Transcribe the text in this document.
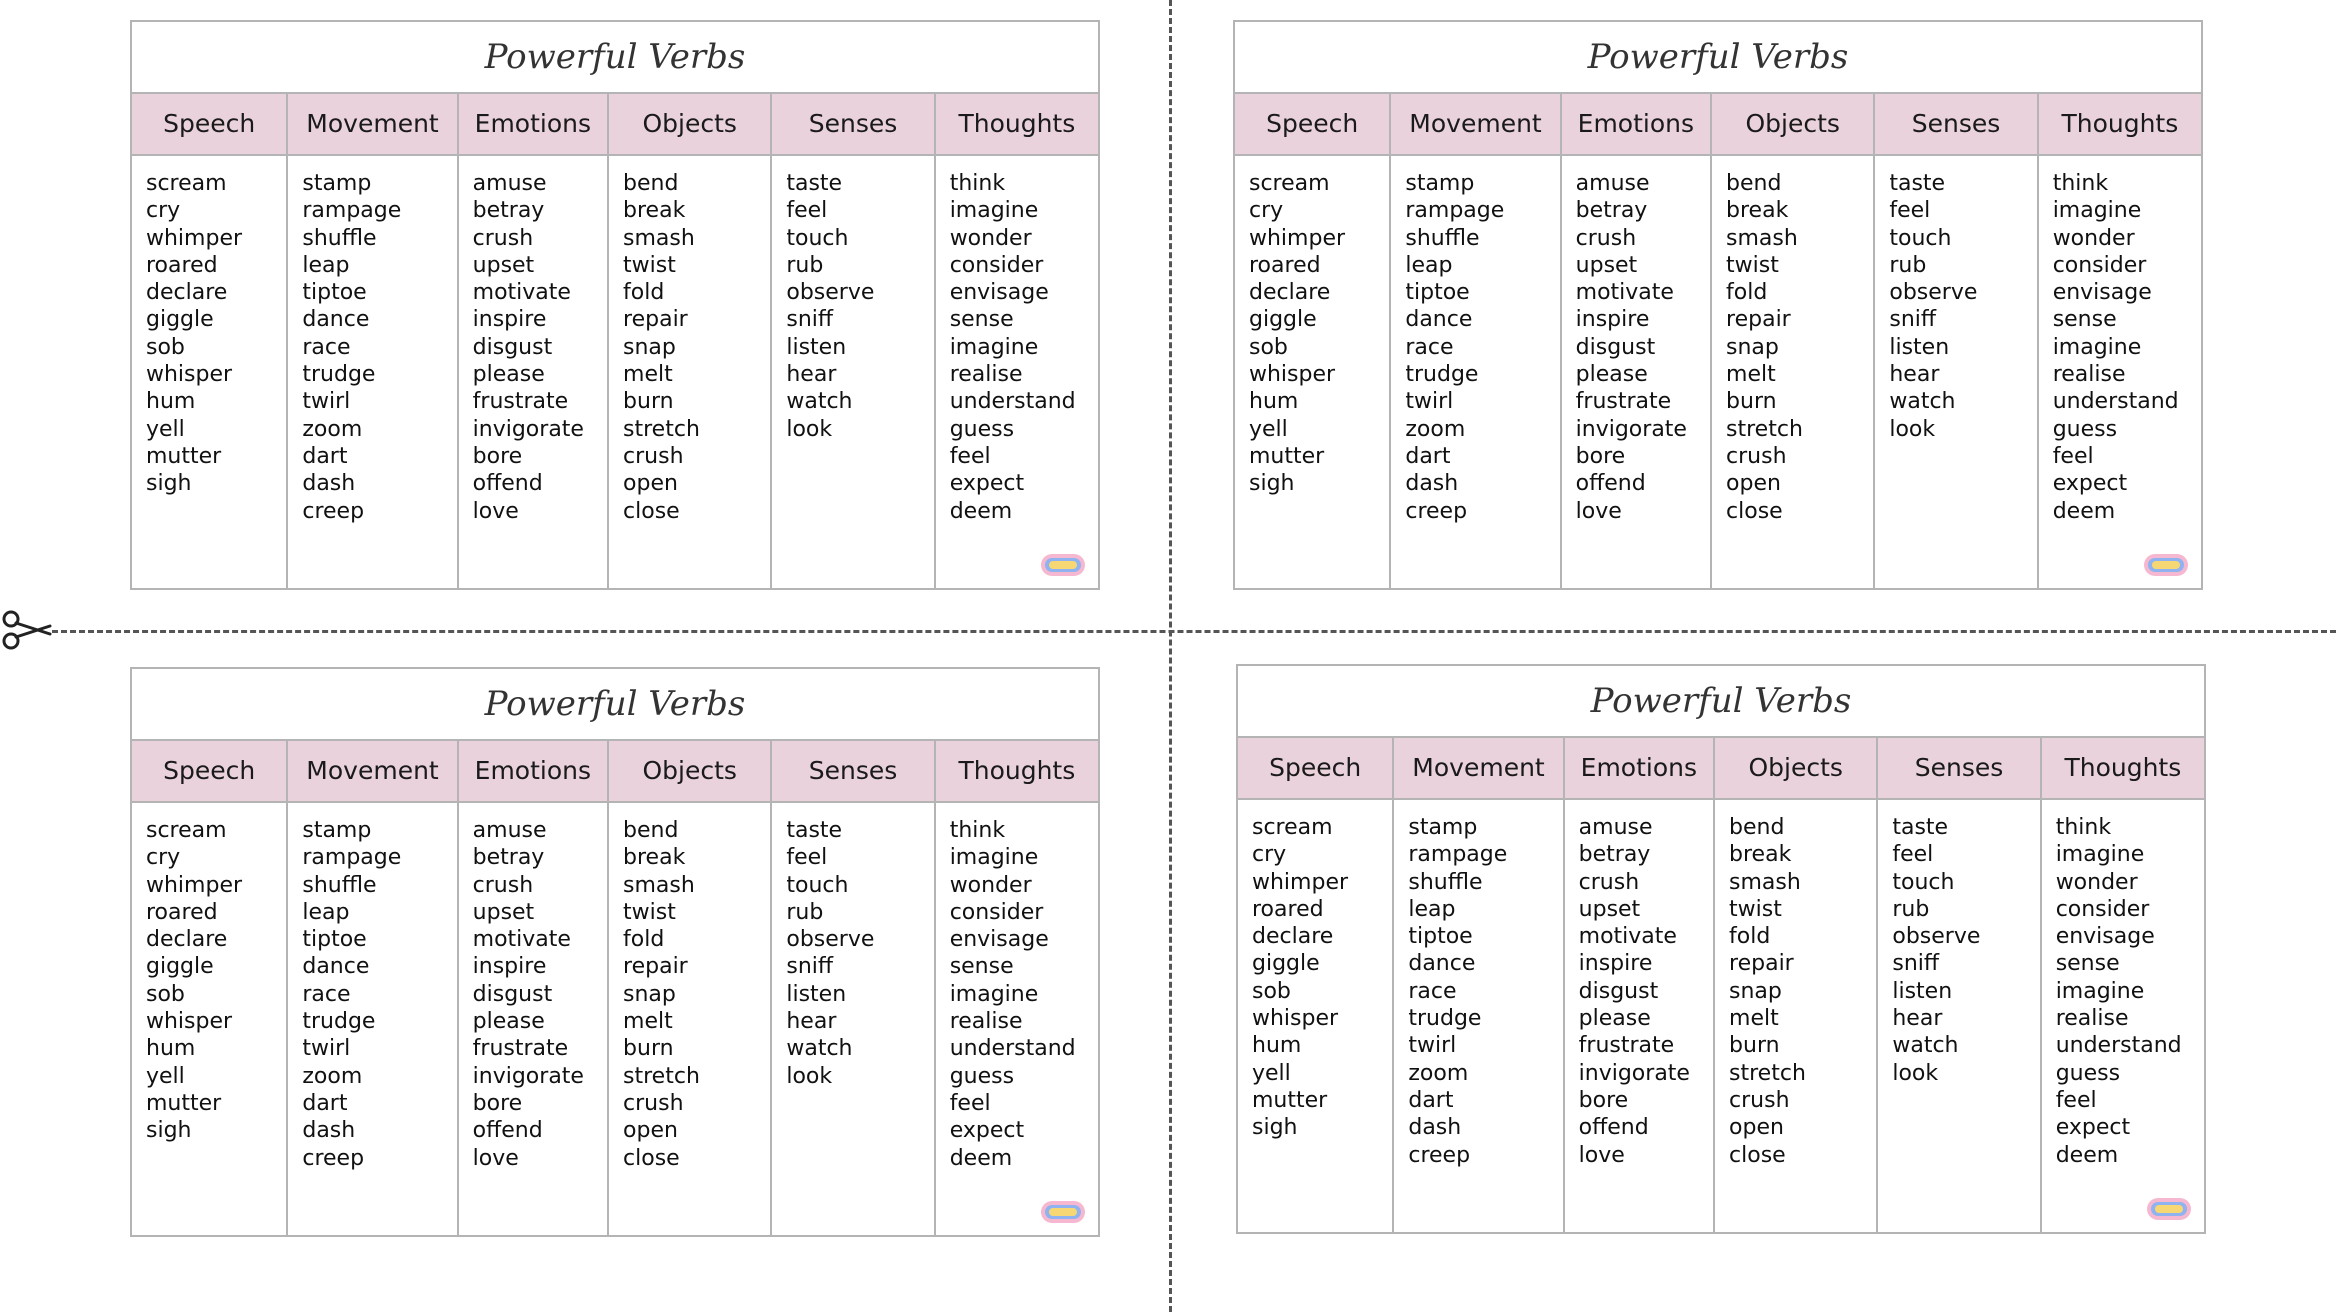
Powerful Verbs
Speech
scream
cry
whimper
roared
declare
giggle
sob
whisper
hum
yell
mutter
sigh
Movement
stamp
rampage
shuffle
leap
tiptoe
dance
race
trudge
twirl
zoom
dart
dash
creep
Emotions
amuse
betray
crush
upset
motivate
inspire
disgust
please
frustrate
invigorate
bore
offend
love
Objects
bend
break
smash
twist
fold
repair
snap
melt
burn
stretch
crush
open
close
Senses
taste
feel
touch
rub
observe
sniff
listen
hear
watch
look
Thoughts
think
imagine
wonder
consider
envisage
sense
imagine
realise
understand
guess
feel
expect
deem
Powerful Verbs
Speech
scream
cry
whimper
roared
declare
giggle
sob
whisper
hum
yell
mutter
sigh
Movement
stamp
rampage
shuffle
leap
tiptoe
dance
race
trudge
twirl
zoom
dart
dash
creep
Emotions
amuse
betray
crush
upset
motivate
inspire
disgust
please
frustrate
invigorate
bore
offend
love
Objects
bend
break
smash
twist
fold
repair
snap
melt
burn
stretch
crush
open
close
Senses
taste
feel
touch
rub
observe
sniff
listen
hear
watch
look
Thoughts
think
imagine
wonder
consider
envisage
sense
imagine
realise
understand
guess
feel
expect
deem
Powerful Verbs
Speech
scream
cry
whimper
roared
declare
giggle
sob
whisper
hum
yell
mutter
sigh
Movement
stamp
rampage
shuffle
leap
tiptoe
dance
race
trudge
twirl
zoom
dart
dash
creep
Emotions
amuse
betray
crush
upset
motivate
inspire
disgust
please
frustrate
invigorate
bore
offend
love
Objects
bend
break
smash
twist
fold
repair
snap
melt
burn
stretch
crush
open
close
Senses
taste
feel
touch
rub
observe
sniff
listen
hear
watch
look
Thoughts
think
imagine
wonder
consider
envisage
sense
imagine
realise
understand
guess
feel
expect
deem
Powerful Verbs
Speech
scream
cry
whimper
roared
declare
giggle
sob
whisper
hum
yell
mutter
sigh
Movement
stamp
rampage
shuffle
leap
tiptoe
dance
race
trudge
twirl
zoom
dart
dash
creep
Emotions
amuse
betray
crush
upset
motivate
inspire
disgust
please
frustrate
invigorate
bore
offend
love
Objects
bend
break
smash
twist
fold
repair
snap
melt
burn
stretch
crush
open
close
Senses
taste
feel
touch
rub
observe
sniff
listen
hear
watch
look
Thoughts
think
imagine
wonder
consider
envisage
sense
imagine
realise
understand
guess
feel
expect
deem
